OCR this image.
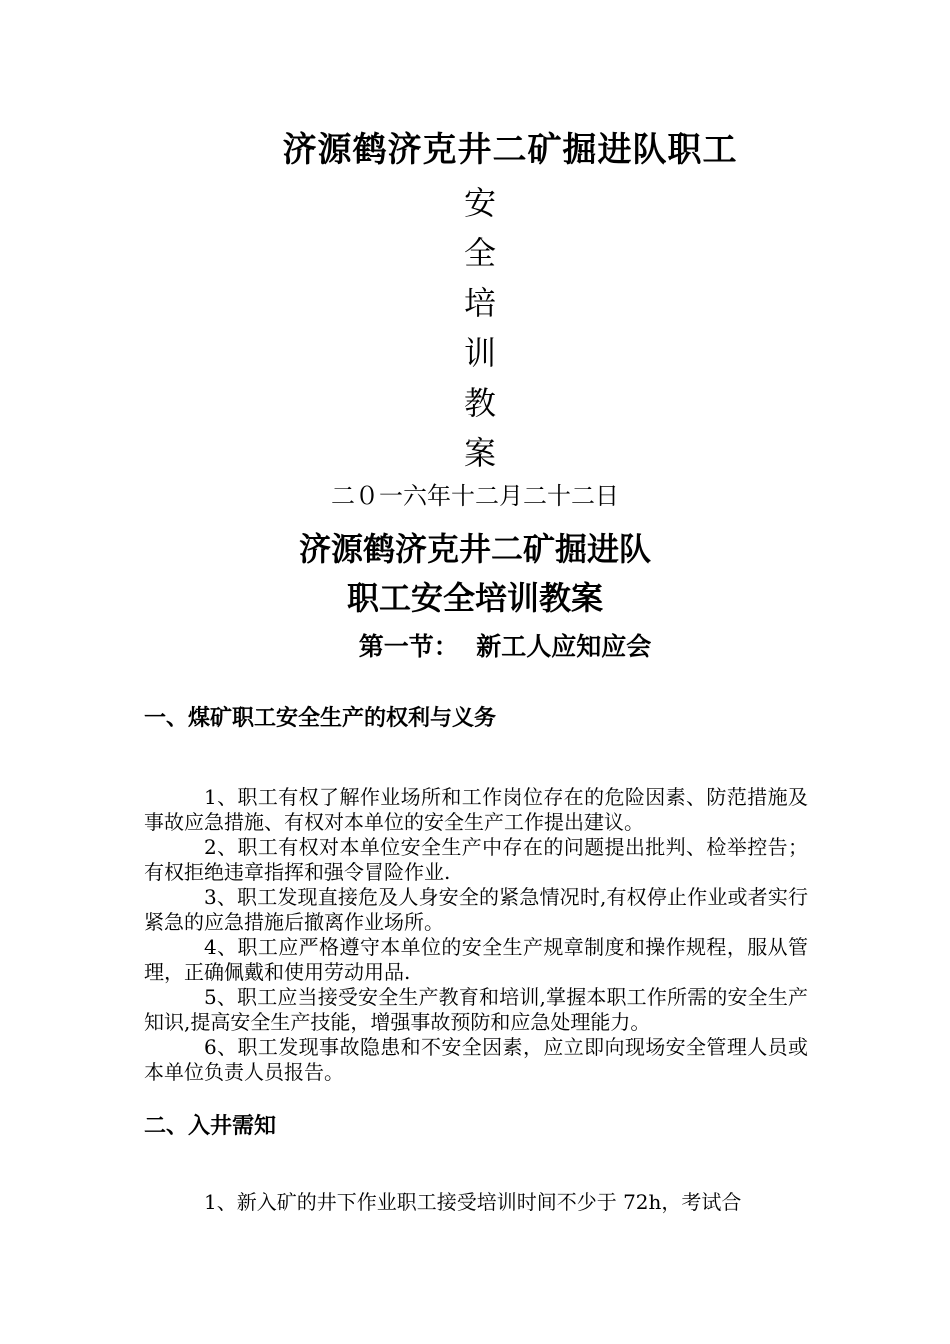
济源鹤济克井二矿掘进队职工
安
全
培
训
教
案
二０一六年十二月二十二日
济源鹤济克井二矿掘进队
职工安全培训教案
第一节：  新工人应知应会
一、煤矿职工安全生产的权利与义务

1、职工有权了解作业场所和工作岗位存在的危险因素、防范措施及事故应急措施、有权对本单位的安全生产工作提出建议。

2、职工有权对本单位安全生产中存在的问题提出批判、检举控告；有权拒绝违章指挥和强令冒险作业.

3、职工发现直接危及人身安全的紧急情况时,有权停止作业或者实行紧急的应急措施后撤离作业场所。

4、职工应严格遵守本单位的安全生产规章制度和操作规程，服从管理，正确佩戴和使用劳动用品.

5、职工应当接受安全生产教育和培训,掌握本职工作所需的安全生产知识,提高安全生产技能，增强事故预防和应急处理能力。

6、职工发现事故隐患和不安全因素，应立即向现场安全管理人员或本单位负责人员报告。

二、入井需知

1、新入矿的井下作业职工接受培训时间不少于 72h，考试合
